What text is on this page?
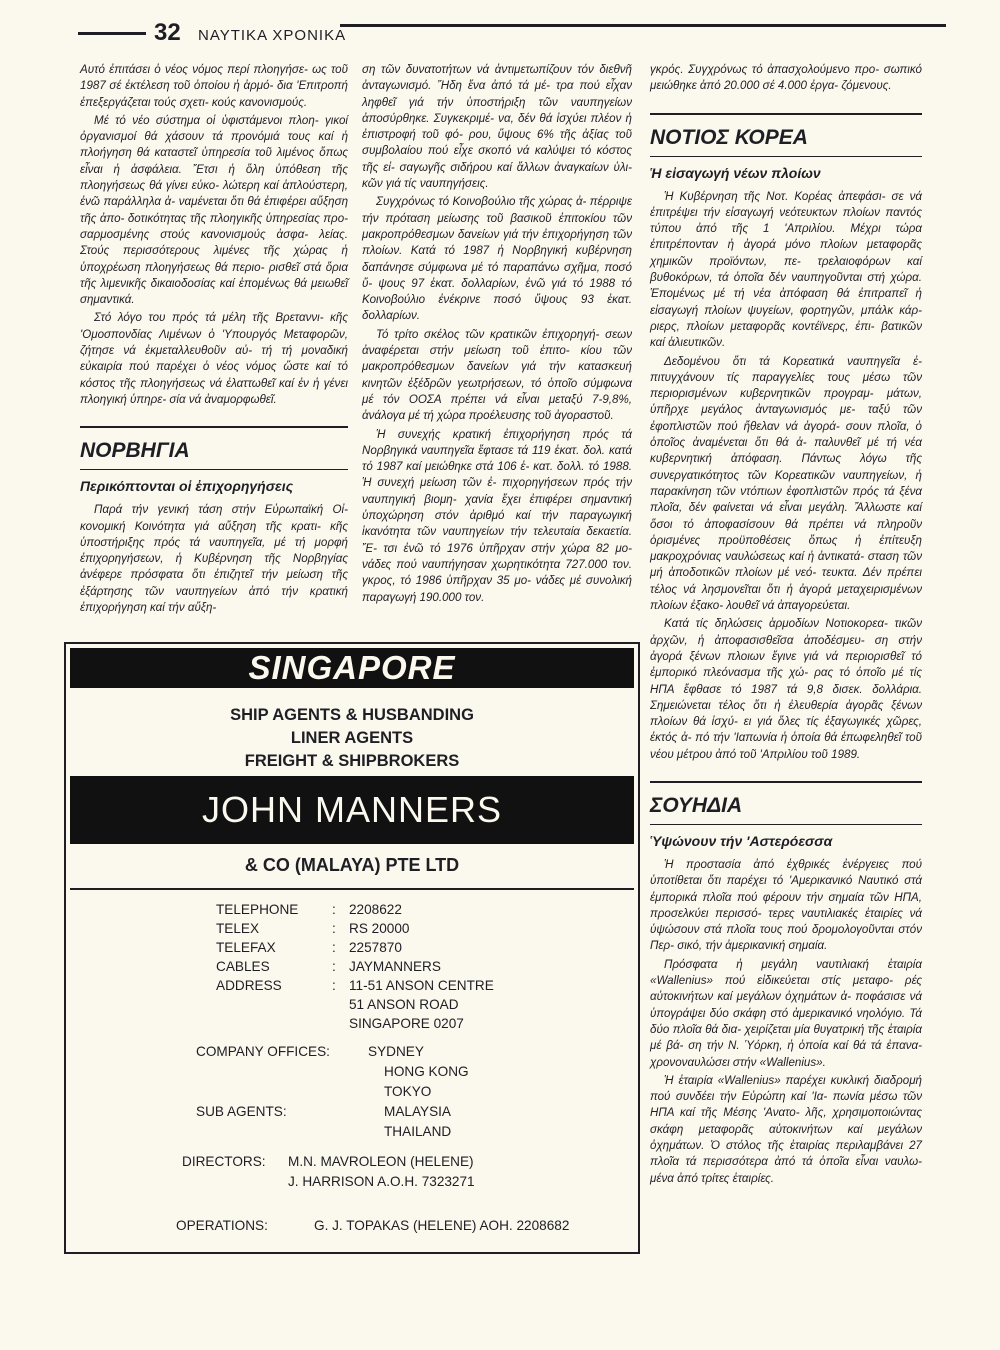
32 ΝΑΥΤΙΚΑ ΧΡΟΝΙΚΑ

Αυτό ἐπιτάσει ὁ νέος νόμος περί πλοηγήσε- ως τοῦ 1987 σέ ἐκτέλεση τοῦ ὁποίου ἡ ἁρμό- δια 'Επιτροπή ἐπεξεργάζεται τούς σχετι- κούς κανονισμούς.

Μέ τό νέο σύστημα οἱ ὑφιστάμενοι πλοη- γικοί ὀργανισμοί θά χάσουν τά προνόμιά τους καί ἡ πλοήγηση θά καταστεῖ ὑπηρεσία τοῦ λιμένος ὅπως εἶναι ἡ ἀσφάλεια. Ἔτσι ἡ ὅλη ὑπόθεση τῆς πλοηγήσεως θά γίνει εὐκο- λώτερη καί ἁπλούστερη, ἐνῶ παράλληλα ἀ- ναμένεται ὅτι θά ἐπιφέρει αὔξηση τῆς ἀπο- δοτικότητας τῆς πλοηγικῆς ὑπηρεσίας προ- σαρμοσμένης στούς κανονισμούς ἀσφα- λείας. Στούς περισσότερους λιμένες τῆς χώρας ἡ ὑποχρέωση πλοηγήσεως θά περιο- ρισθεῖ στά ὅρια τῆς λιμενικῆς δικαιοδοσίας καί ἑπομένως θά μειωθεῖ σημαντικά.

Στό λόγο του πρός τά μέλη τῆς Βρεταννι- κῆς 'Ομοσπονδίας Λιμένων ὁ 'Υπουργός Μεταφορῶν, ζήτησε νά ἐκμεταλλευθοῦν αὐ- τή τή μοναδική εὐκαιρία πού παρέχει ὁ νέος νόμος ὥστε καί τό κόστος τῆς πλοηγήσεως νά ἐλαττωθεῖ καί ἐν ἡ γένει πλοηγική ὑπηρε- σία νά ἀναμορφωθεῖ.

ΝΟΡΒΗΓΙΑ
Περικόπτονται οἱ ἐπιχορηγήσεις

Παρά τήν γενική τάση στήν Εὐρωπαϊκή Οἰ- κονομική Κοινότητα γιά αὔξηση τῆς κρατι- κῆς ὑποστήριξης πρός τά ναυπηγεῖα, μέ τή μορφή ἐπιχορηγήσεων, ἡ Κυβέρνηση τῆς Νορβηγίας ἀνέφερε πρόσφατα ὅτι ἐπιζητεῖ τήν μείωση τῆς ἐξάρτησης τῶν ναυπηγείων ἀπό τήν κρατική ἐπιχορήγηση καί τήν αὔξη-

ση τῶν δυνατοτήτων νά ἀντιμετωπίζουν τόν διεθνῆ ἀνταγωνισμό. Ἤδη ἕνα ἀπό τά μέ- τρα πού εἶχαν ληφθεῖ γιά τήν ὑποστήριξη τῶν ναυπηγείων ἀποσύρθηκε. Συγκεκριμέ- να, δέν θά ἰσχύει πλέον ἡ ἐπιστροφή τοῦ φό- ρου, ὕψους 6% τῆς ἀξίας τοῦ συμβολαίου πού εἶχε σκοπό νά καλύψει τό κόστος τῆς εἰ- σαγωγῆς σιδήρου καί ἄλλων ἀναγκαίων ὑλι- κῶν γιά τίς ναυπηγήσεις.

Συγχρόνως τό Κοινοβούλιο τῆς χώρας ἀ- πέρριψε τήν πρόταση μείωσης τοῦ βασικοῦ ἐπιτοκίου τῶν μακροπρόθεσμων δανείων γιά τήν ἐπιχορήγηση τῶν πλοίων. Κατά τό 1987 ἡ Νορβηγική κυβέρνηση δαπάνησε σύμφωνα μέ τό παραπάνω σχῆμα, ποσό ὕ- ψους 97 ἑκατ. δολλαρίων, ἐνῶ γιά τό 1988 τό Κοινοβούλιο ἐνέκρινε ποσό ὕψους 93 ἑκατ. δολλαρίων.

Τό τρίτο σκέλος τῶν κρατικῶν ἐπιχορηγή- σεων ἀναφέρεται στήν μείωση τοῦ ἐπιτο- κίου τῶν μακροπρόθεσμων δανείων γιά τήν κατασκευή κινητῶν ἐξέδρῶν γεωτρήσεων, τό ὁποῖο σύμφωνα μέ τόν ΟΟΣΑ πρέπει νά εἶναι μεταξύ 7-9,8%, ἀνάλογα μέ τή χώρα προέλευσης τοῦ ἀγοραστοῦ.

Ἡ συνεχής κρατική ἐπιχορήγηση πρός τά Νορβηγικά ναυπηγεῖα ἔφτασε τά 119 ἑκατ. δολ. κατά τό 1987 καί μειώθηκε στά 106 ἑ- κατ. δολλ. τό 1988. Ἡ συνεχή μείωση τῶν ἐ- πιχορηγήσεων πρός τήν ναυπηγική βιομη- χανία ἔχει ἐπιφέρει σημαντική ὑποχώρηση στόν ἀριθμό καί τήν παραγωγική ἱκανότητα τῶν ναυπηγείων τήν τελευταία δεκαετία. Ἔ- τσι ἐνῶ τό 1976 ὑπῆρχαν στήν χώρα 82 μο- νάδες πού ναυπήγησαν χωρητικότητα 727.000 τον. γκρος, τό 1986 ὑπῆρχαν 35 μο- νάδες μέ συνολική παραγωγή 190.000 τον.

γκρός. Συγχρόνως τό ἀπασχολούμενο προ- σωπικό μειώθηκε ἀπό 20.000 σέ 4.000 ἐργα- ζόμενους.

ΝΟΤΙΟΣ ΚΟΡΕΑ
Ἡ εἰσαγωγή νέων πλοίων

Ἡ Κυβέρνηση τῆς Νοτ. Κορέας ἀπεφάσι- σε νά ἐπιτρέψει τήν εἰσαγωγή νεότευκτων πλοίων παντός τύπου ἀπό τῆς 1 'Απριλίου. Μέχρι τώρα ἐπιτρέπονταν ἡ ἀγορά μόνο πλοίων μεταφορᾶς χημικῶν προϊόντων, πε- τρελαιοφόρων καί βυθοκόρων, τά ὁποῖα δέν ναυπηγοῦνται στή χώρα. Ἑπομένως μέ τή νέα ἀπόφαση θά ἐπιτραπεῖ ἡ εἰσαγωγή πλοίων ψυγείων, φορτηγῶν, μπάλκ κάρ- ριερς, πλοίων μεταφορᾶς κοντέϊνερς, ἐπι- βατικῶν καί ἁλιευτικῶν.

Δεδομένου ὅτι τά Κορεατικά ναυπηγεῖα ἐ- πιτυγχάνουν τίς παραγγελίες τους μέσω τῶν περιορισμένων κυβερνητικῶν προγραμ- μάτων, ὑπῆρχε μεγάλος ἀνταγωνισμός με- ταξύ τῶν ἐφοπλιστῶν πού ἤθελαν νά ἀγορά- σουν πλοῖα, ὁ ὁποῖος ἀναμένεται ὅτι θά ἀ- παλυνθεῖ μέ τή νέα κυβερνητική ἀπόφαση. Πάντως λόγω τῆς συνεργατικότητος τῶν Κορεατικῶν ναυπηγείων, ἡ παρακίνηση τῶν ντόπιων ἐφοπλιστῶν πρός τά ξένα πλοῖα, δέν φαίνεται νά εἶναι μεγάλη. Ἄλλωστε καί ὅσοι τό ἀποφασίσουν θά πρέπει νά πληροῦν ὁρισμένες προϋποθέσεις ὅπως ἡ ἐπίτευξη μακροχρόνιας ναυλώσεως καί ἡ ἀντικατά- σταση τῶν μή ἀποδοτικῶν πλοίων μέ νεό- τευκτα. Δέν πρέπει τέλος νά λησμονεῖται ὅτι ἡ ἀγορά μεταχειρισμένων πλοίων ἐξακο- λουθεῖ νά ἀπαγορεύεται.

Κατά τίς δηλώσεις ἁρμοδίων Νοτιοκορεα- τικῶν ἀρχῶν, ἡ ἀποφασισθεῖσα ἀποδέσμευ- ση στήν ἀγορά ξένων πλοιων ἔγινε γιά νά περιορισθεῖ τό ἐμπορικό πλεόνασμα τῆς χώ- ρας τό ὁποῖο μέ τίς ΗΠΑ ἔφθασε τό 1987 τά 9,8 δισεκ. δολλάρια. Σημειώνεται τέλος ὅτι ἡ ἐλευθερία ἀγορᾶς ξένων πλοίων θά ἰσχύ- ει γιά ὅλες τίς ἐξαγωγικές χῶρες, ἐκτός ἀ- πό τήν 'Ιαπωνία ἡ ὁποία θά ἐπωφεληθεῖ τοῦ νέου μέτρου ἀπό τοῦ 'Απριλίου τοῦ 1989.

ΣΟΥΗΔΙΑ
Ὑψώνουν τήν 'Αστερόεσσα

Ἡ προστασία ἀπό ἐχθρικές ἐνέργειες πού ὑποτίθεται ὅτι παρέχει τό 'Αμερικανικό Ναυτικό στά ἐμπορικά πλοῖα πού φέρουν τήν σημαία τῶν ΗΠΑ, προσελκύει περισσό- τερες ναυτιλιακές ἑταιρίες νά ὑψώσουν στά πλοῖα τους πού δρομολογοῦνται στόν Περ- σικό, τήν ἀμερικανική σημαία.

Πρόσφατα ἡ μεγάλη ναυτιλιακή ἑταιρία «Wallenius» πού εἰδικεύεται στίς μεταφο- ρές αὐτοκινήτων καί μεγάλων ὀχημάτων ἀ- ποφάσισε νά ὑπογράψει δύο σκάφη στό ἀμερικανικό νηολόγιο. Τά δύο πλοῖα θά δια- χειρίζεται μία θυγατρική τῆς ἑταιρία μέ βά- ση τήν Ν. Ὑόρκη, ἡ ὁποία καί θά τά ἐπανα- χρονοναυλώσει στήν «Wallenius».

Ἡ ἑταιρία «Wallenius» παρέχει κυκλική διαδρομή πού συνδέει τήν Εὐρώπη καί 'Ια- πωνία μέσω τῶν ΗΠΑ καί τῆς Μέσης 'Ανατο- λῆς, χρησιμοποιώντας σκάφη μεταφορᾶς αὐτοκινήτων καί μεγάλων ὀχημάτων. Ὁ στόλος τῆς ἑταιρίας περιλαμβάνει 27 πλοῖα τά περισσότερα ἀπό τά ὁποῖα εἶναι ναυλω- μένα ἀπό τρίτες ἑταιρίες.

SINGAPORE
SHIP AGENTS & HUSBANDING
LINER AGENTS
FREIGHT & SHIPBROKERS
JOHN MANNERS
& CO (MALAYA) PTE LTD
TELEPHONE : 2208622
TELEX	: RS 20000
TELEFAX	: 2257870
CABLES	: JAYMANNERS
ADDRESS	: 11-51 ANSON CENTRE
51 ANSON ROAD
SINGAPORE 0207
COMPANY OFFICES:	SYDNEY
HONG KONG
TOKYO
SUB AGENTS:	MALAYSIA
THAILAND
DIRECTORS: M.N. MAVROLEON (HELENE)
J. HARRISON A.O.H. 7323271
OPERATIONS:	G. J. TOPAKAS (HELENE) AOH. 2208682
